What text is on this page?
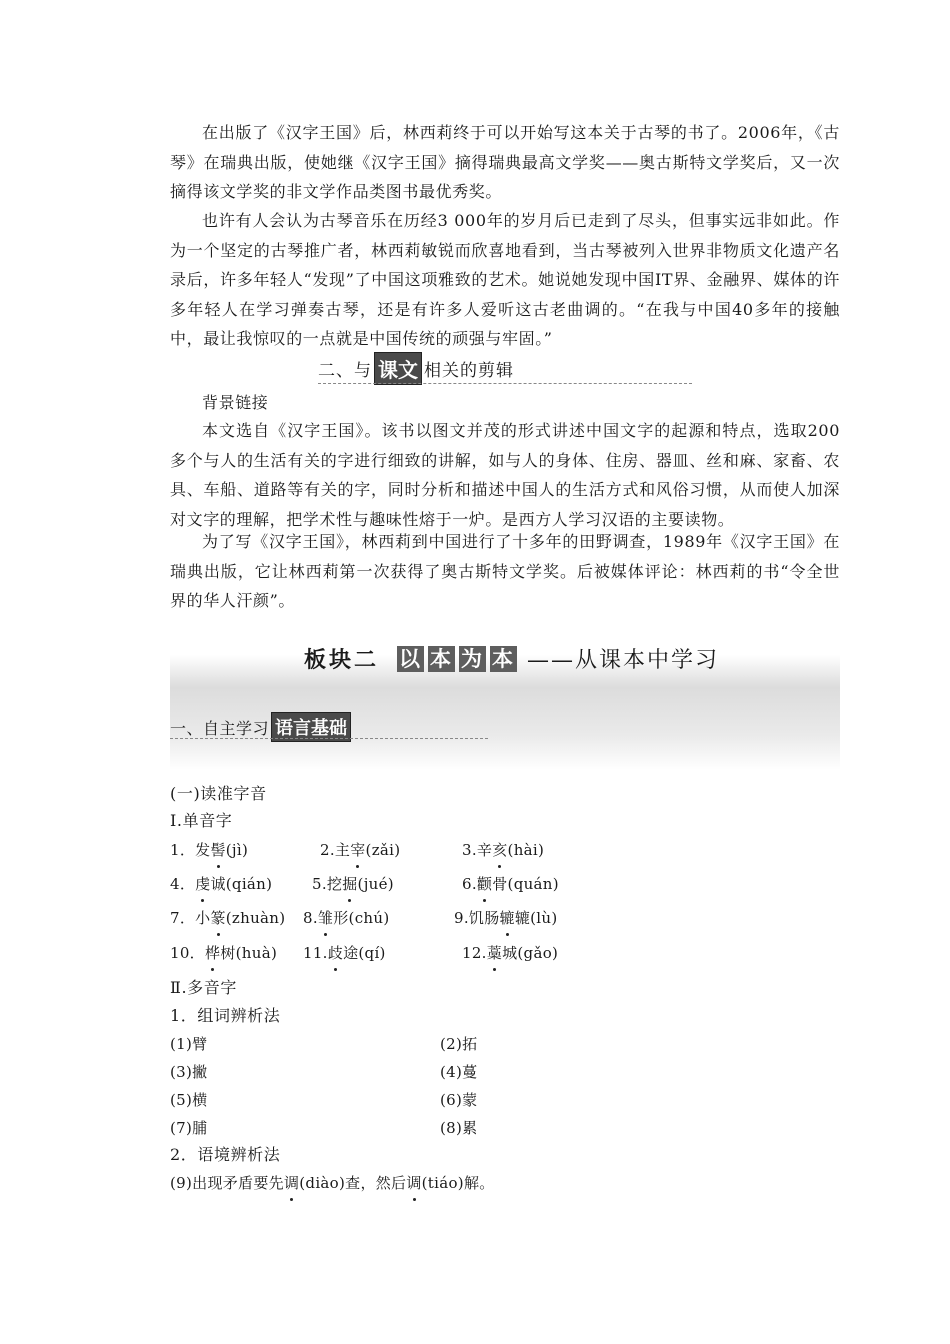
在出版了《汉字王国》后，林西莉终于可以开始写这本关于古琴的书了。2006年，《古琴》在瑞典出版，使她继《汉字王国》摘得瑞典最高文学奖——奥古斯特文学奖后，又一次摘得该文学奖的非文学作品类图书最优秀奖。

也许有人会认为古琴音乐在历经3 000年的岁月后已走到了尽头，但事实远非如此。作为一个坚定的古琴推广者，林西莉敏锐而欣喜地看到，当古琴被列入世界非物质文化遗产名录后，许多年轻人“发现”了中国这项雅致的艺术。她说她发现中国IT界、金融界、媒体的许多年轻人在学习弹奏古琴，还是有许多人爱听这古老曲调的。“在我与中国40多年的接触中，最让我惊叹的一点就是中国传统的顽强与牢固。”

二、与 课文 相关的剪辑
背景链接

本文选自《汉字王国》。该书以图文并茂的形式讲述中国文字的起源和特点，选取200多个与人的生活有关的字进行细致的讲解，如与人的身体、住房、器皿、丝和麻、家畜、农具、车船、道路等有关的字，同时分析和描述中国人的生活方式和风俗习惯，从而使人加深对文字的理解，把学术性与趣味性熔于一炉。是西方人学习汉语的主要读物。

为了写《汉字王国》，林西莉到中国进行了十多年的田野调查，1989年《汉字王国》在瑞典出版，它让林西莉第一次获得了奥古斯特文学奖。后被媒体评论：林西莉的书“令全世界的华人汗颜”。

板块二 以 本 为 本 ——从课本中学习
一、自主学习 语言基础
(一)读准字音
Ⅰ.单音字
1．发髻(jì)	2.主宰(zǎi)	3.辛亥(hài)
4．虔诚(qián)	5.挖掘(jué)	6.颧骨(quán)
7．小篆(zhuàn) 8.雏形(chú)	9.饥肠辘辘(lù)
10．桦树(huà) 11.歧途(qí)	12.藁城(gǎo)
Ⅱ.多音字
1．组词辨析法
(1)臂	(2)拓
(3)撇	(4)蔓
(5)横	(6)蒙
(7)脯	(8)累
2．语境辨析法
(9)出现矛盾要先调(diào)查，然后调(tiáo)解。
